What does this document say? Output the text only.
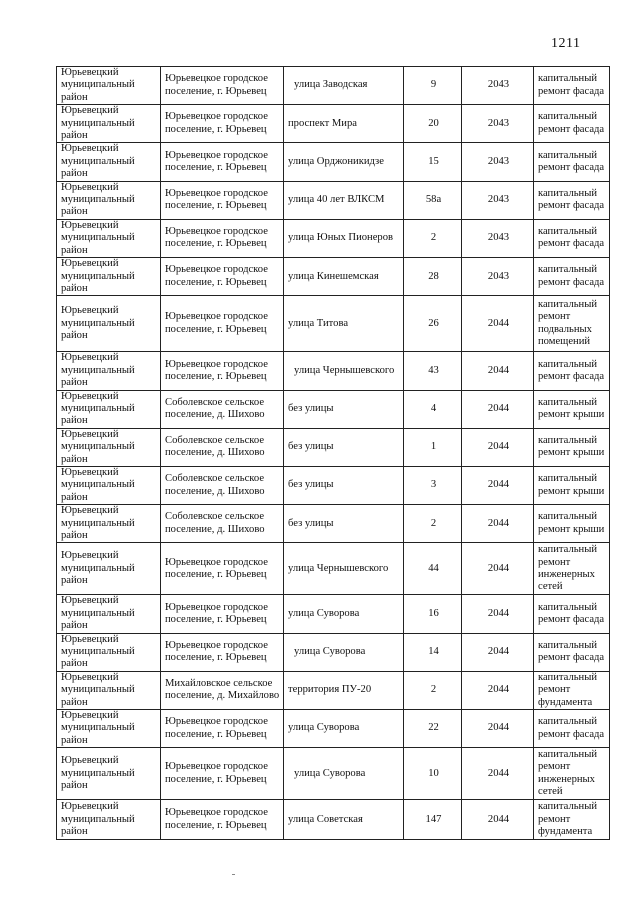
1211
Юрьевецкий муниципальный район	Юрьевецкое городское поселение, г. Юрьевец	улица Заводская	9	2043	капитальный ремонт фасада
Юрьевецкий муниципальный район	Юрьевецкое городское поселение, г. Юрьевец	проспект Мира	20	2043	капитальный ремонт фасада
Юрьевецкий муниципальный район	Юрьевецкое городское поселение, г. Юрьевец	улица Орджоникидзе	15	2043	капитальный ремонт фасада
Юрьевецкий муниципальный район	Юрьевецкое городское поселение, г. Юрьевец	улица 40 лет ВЛКСМ	58а	2043	капитальный ремонт фасада
Юрьевецкий муниципальный район	Юрьевецкое городское поселение, г. Юрьевец	улица Юных Пионеров	2	2043	капитальный ремонт фасада
Юрьевецкий муниципальный район	Юрьевецкое городское поселение, г. Юрьевец	улица Кинешемская	28	2043	капитальный ремонт фасада
Юрьевецкий муниципальный район	Юрьевецкое городское поселение, г. Юрьевец	улица Титова	26	2044	капитальный ремонт подвальных помещений
Юрьевецкий муниципальный район	Юрьевецкое городское поселение, г. Юрьевец	улица Чернышевского	43	2044	капитальный ремонт фасада
Юрьевецкий муниципальный район	Соболевское сельское поселение, д. Шихово	без улицы	4	2044	капитальный ремонт крыши
Юрьевецкий муниципальный район	Соболевское сельское поселение, д. Шихово	без улицы	1	2044	капитальный ремонт крыши
Юрьевецкий муниципальный район	Соболевское сельское поселение, д. Шихово	без улицы	3	2044	капитальный ремонт крыши
Юрьевецкий муниципальный район	Соболевское сельское поселение, д. Шихово	без улицы	2	2044	капитальный ремонт крыши
Юрьевецкий муниципальный район	Юрьевецкое городское поселение, г. Юрьевец	улица Чернышевского	44	2044	капитальный ремонт инженерных сетей
Юрьевецкий муниципальный район	Юрьевецкое городское поселение, г. Юрьевец	улица Суворова	16	2044	капитальный ремонт фасада
Юрьевецкий муниципальный район	Юрьевецкое городское поселение, г. Юрьевец	улица Суворова	14	2044	капитальный ремонт фасада
Юрьевецкий муниципальный район	Михайловское сельское поселение, д. Михайлово	территория ПУ-20	2	2044	капитальный ремонт фундамента
Юрьевецкий муниципальный район	Юрьевецкое городское поселение, г. Юрьевец	улица Суворова	22	2044	капитальный ремонт фасада
Юрьевецкий муниципальный район	Юрьевецкое городское поселение, г. Юрьевец	улица Суворова	10	2044	капитальный ремонт инженерных сетей
Юрьевецкий муниципальный район	Юрьевецкое городское поселение, г. Юрьевец	улица Советская	147	2044	капитальный ремонт фундамента
